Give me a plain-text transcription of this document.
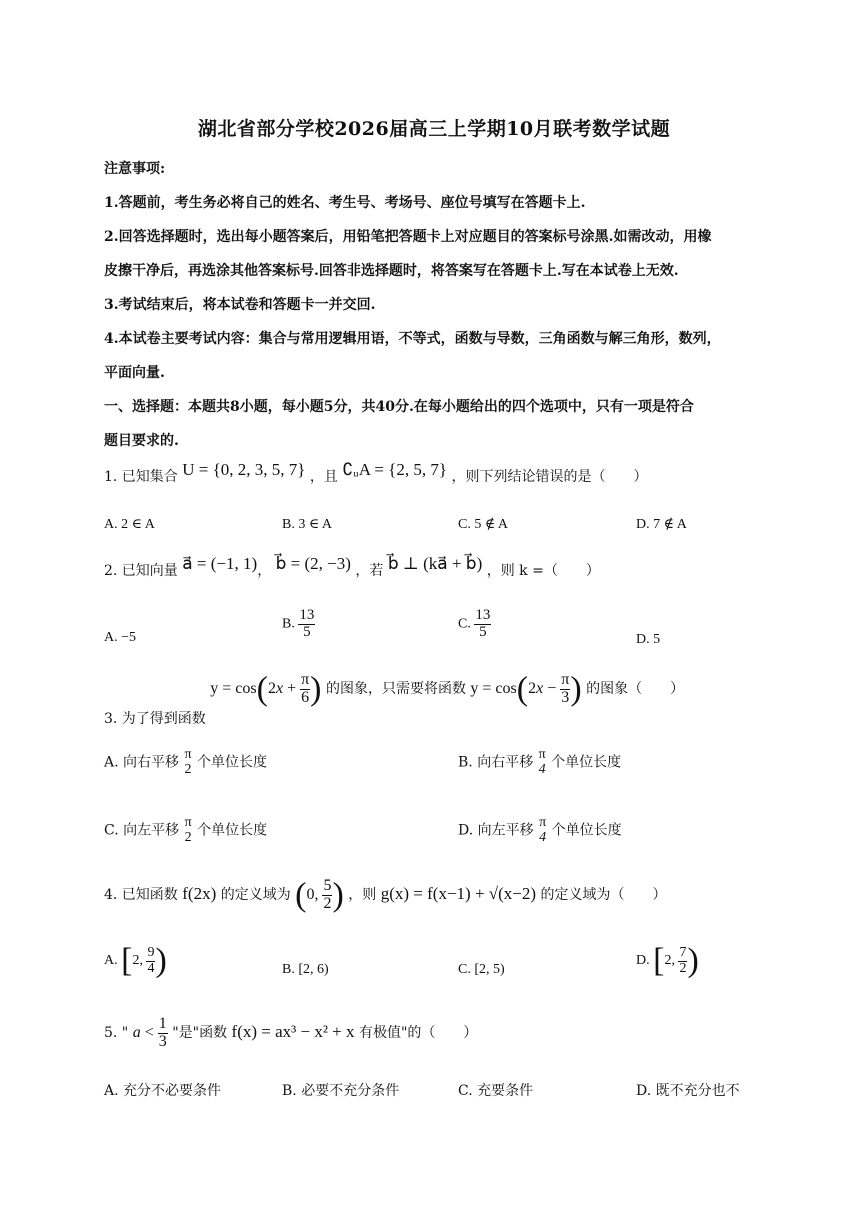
湖北省部分学校2026届高三上学期10月联考数学试题
注意事项:
1.答题前，考生务必将自己的姓名、考生号、考场号、座位号填写在答题卡上.
2.回答选择题时，选出每小题答案后，用铅笔把答题卡上对应题目的答案标号涂黑.如需改动，用橡
皮擦干净后，再选涂其他答案标号.回答非选择题时，将答案写在答题卡上.写在本试卷上无效.
3.考试结束后，将本试卷和答题卡一并交回.
4.本试卷主要考试内容：集合与常用逻辑用语，不等式，函数与导数，三角函数与解三角形，数列，
平面向量.
一、选择题：本题共8小题，每小题5分，共40分.在每小题给出的四个选项中，只有一项是符合
题目要求的.
1. 已知集合 U = {0, 2, 3, 5, 7} ，且 ∁ᵤA = {2, 5, 7} ，则下列结论错误的是（　　）
A. 2 ∈ A	B. 3 ∈ A	C. 5 ∉ A	D. 7 ∉ A
2. 已知向量 a⃗ = (−1, 1)， b⃗ = (2, −3) ，若 b⃗ ⊥ (ka⃗ + b⃗) ，则 k =（　　）
A. −5
B. $\frac{13}{5}$	C. $\frac{13}{5}$	D. 5
3. 为了得到函数 $y = \cos(2x + \frac{\pi}{6}$ ) 的图象，只需要将函数 $y = \cos(2x - \frac{\pi}{3}$ ) 的图象（　　）
A. 向右平移
π
2 个单位长度	B. 向右平移
π
4 个单位长度
C. 向左平移
π
2 个单位长度	D. 向左平移
π
4 个单位长度
4. 已知函数 f(2x) 的定义域为 (0, $\frac{5}{2}$ ) ，则 g(x) = f(x−1) + √(x−2) 的定义域为（　　）
A. [2, $\frac{9}{4}$ )	B. [2, 6)	C. [2, 5)
D. [2, $\frac{7}{2}$ )
5. " $a < \frac{1}{3}$ "是"函数 f(x) = ax³ − x² + x 有极值"的（　　）
A. 充分不必要条件	B. 必要不充分条件	C. 充要条件	D. 既不充分也不
